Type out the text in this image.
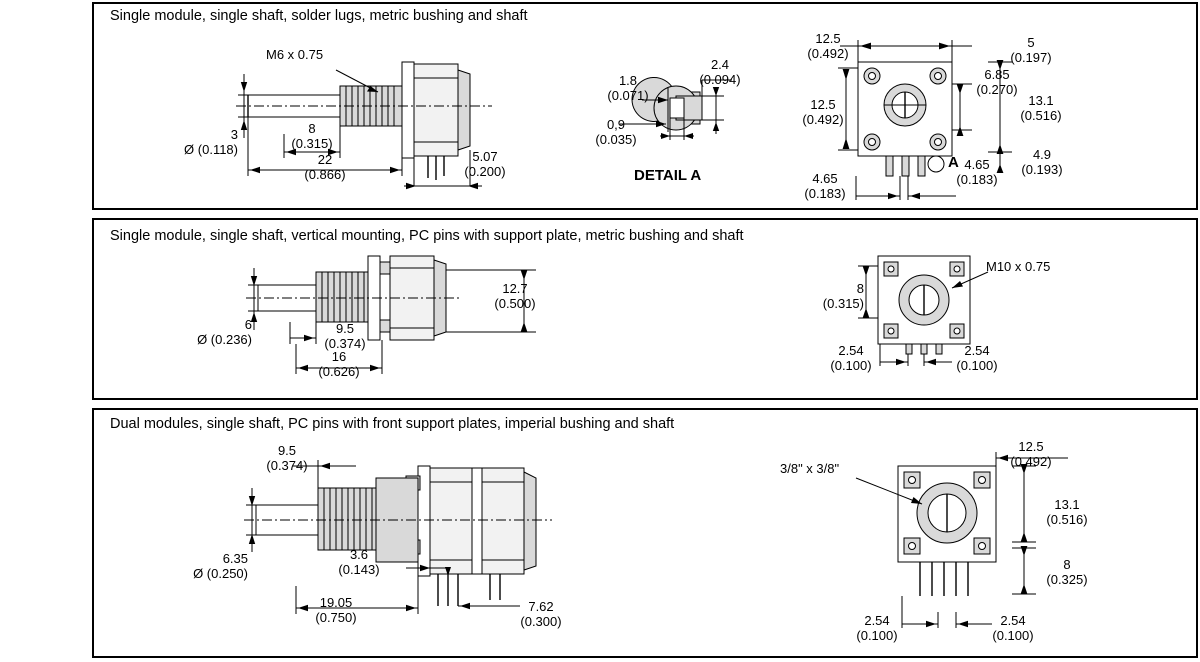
Single module, single shaft, solder lugs, metric bushing and shaft
M6 x 0.75
3
Ø (0.118)
8
(0.315)
22
(0.866)
5.07
(0.200)
1.8
(0.071)
2.4
(0.094)
0,9
(0.035)
DETAIL A
12.5
(0.492)
12.5
(0.492)
5
(0.197)
6.85
(0.270)
13.1
(0.516)
4.9
(0.193)
4.65
(0.183)
4.65
(0.183)
A
Single module, single shaft, vertical mounting, PC pins with support plate, metric bushing and shaft
6
Ø (0.236)
9.5
(0.374)
16
(0.626)
12.7
(0.500)
M10 x 0.75
8
(0.315)
2.54
(0.100)
2.54
(0.100)
Dual modules, single shaft, PC pins with front support plates, imperial bushing and shaft
9.5
(0.374)
6.35
Ø (0.250)
3.6
(0.143)
19.05
(0.750)
7.62
(0.300)
3/8" x 3/8"
12.5
(0.492)
13.1
(0.516)
8
(0.325)
2.54
(0.100)
2.54
(0.100)
